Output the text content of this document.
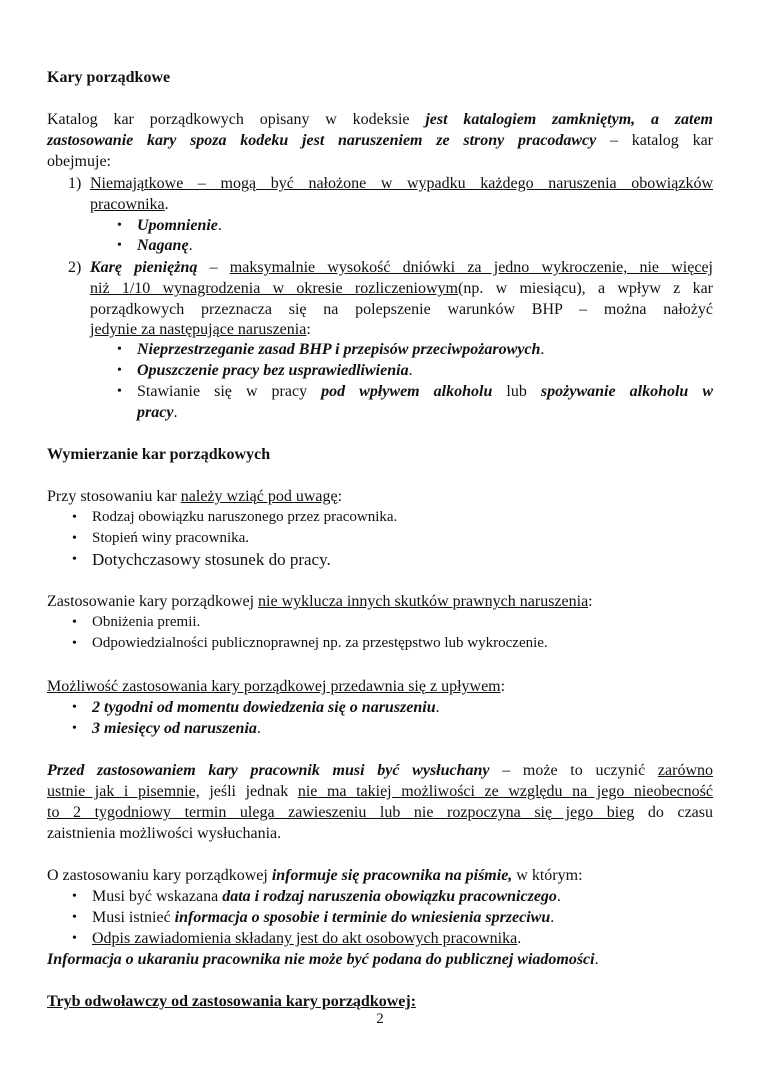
Kary porządkowe
Katalog kar porządkowych opisany w kodeksie jest katalogiem zamkniętym, a zatem
zastosowanie kary spoza kodeku jest naruszeniem ze strony pracodawcy – katalog kar
obejmuje:
1) Niemajątkowe – mogą być nałożone w wypadku każdego naruszenia obowiązków
pracownika.
• Upomnienie.
• Naganę.
2) Karę pieniężną – maksymalnie wysokość dniówki za jedno wykroczenie, nie więcej
niż 1/10 wynagrodzenia w okresie rozliczeniowym(np. w miesiącu), a wpływ z kar
porządkowych przeznacza się na polepszenie warunków BHP – można nałożyć
jedynie za następujące naruszenia:
• Nieprzestrzeganie zasad BHP i przepisów przeciwpożarowych.
• Opuszczenie pracy bez usprawiedliwienia.
• Stawianie się w pracy pod wpływem alkoholu lub spożywanie alkoholu w
pracy.
Wymierzanie kar porządkowych
Przy stosowaniu kar należy wziąć pod uwagę:
• Rodzaj obowiązku naruszonego przez pracownika.
• Stopień winy pracownika.
• Dotychczasowy stosunek do pracy.
Zastosowanie kary porządkowej nie wyklucza innych skutków prawnych naruszenia:
• Obniżenia premii.
• Odpowiedzialności publicznoprawnej np. za przestępstwo lub wykroczenie.
Możliwość zastosowania kary porządkowej przedawnia się z upływem:
• 2 tygodni od momentu dowiedzenia się o naruszeniu.
• 3 miesięcy od naruszenia.
Przed zastosowaniem kary pracownik musi być wysłuchany – może to uczynić zarówno
ustnie jak i pisemnie, jeśli jednak nie ma takiej możliwości ze względu na jego nieobecność
to 2 tygodniowy termin ulega zawieszeniu lub nie rozpoczyna się jego bieg do czasu
zaistnienia możliwości wysłuchania.
O zastosowaniu kary porządkowej informuje się pracownika na piśmie, w którym:
• Musi być wskazana data i rodzaj naruszenia obowiązku pracowniczego.
• Musi istnieć informacja o sposobie i terminie do wniesienia sprzeciwu.
• Odpis zawiadomienia składany jest do akt osobowych pracownika.
Informacja o ukaraniu pracownika nie może być podana do publicznej wiadomości.
Tryb odwoławczy od zastosowania kary porządkowej:
2
